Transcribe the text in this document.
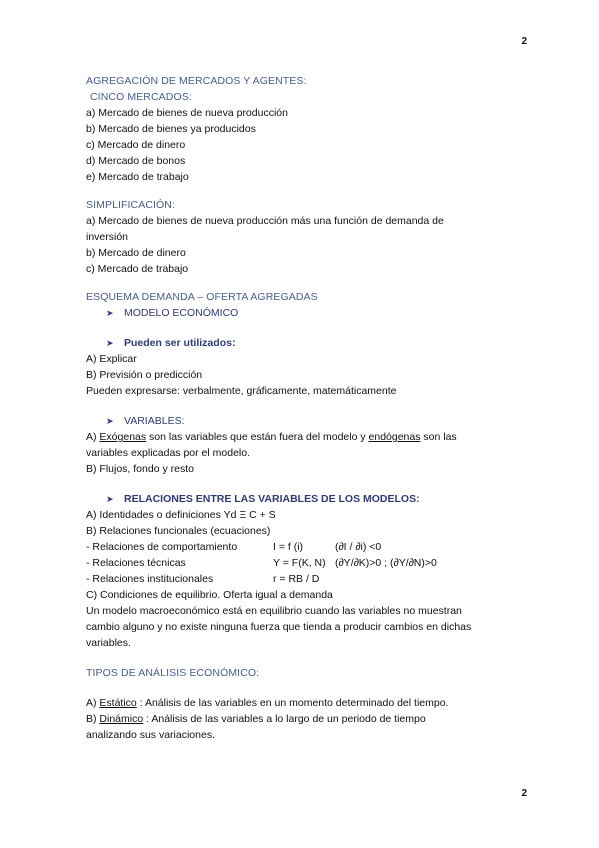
2
AGREGACIÓN DE MERCADOS Y AGENTES:
CINCO MERCADOS:
a) Mercado de bienes de nueva producción
b) Mercado de bienes ya producidos
c) Mercado de dinero
d) Mercado de bonos
e) Mercado de trabajo
SIMPLIFICACIÓN:
a) Mercado de bienes de nueva producción más una función de demanda de
inversión
b) Mercado de dinero
c) Mercado de trabajo
ESQUEMA DEMANDA – OFERTA AGREGADAS
➤ MODELO ECONÓMICO
➤ Pueden ser utilizados:
A) Explicar
B) Previsión o predicción
Pueden expresarse: verbalmente, gráficamente, matemáticamente
➤ VARIABLES:
A) Exógenas son las variables que están fuera del modelo y endógenas son las
variables explicadas por el modelo.
B) Flujos, fondo y resto
➤ RELACIONES ENTRE LAS VARIABLES DE LOS MODELOS:
A) Identidades o definiciones Yd Ξ C + S
B) Relaciones funcionales (ecuaciones)
- Relaciones de comportamiento	I = f (i)	(∂I / ∂i) <0
- Relaciones técnicas	Y = F(K, N) (∂Y/∂K)>0 ; (∂Y/∂N)>0
- Relaciones institucionales	r = RB / D
C) Condiciones de equilibrio. Oferta igual a demanda
Un modelo macroeconómico está en equilibrio cuando las variables no muestran
cambio alguno y no existe ninguna fuerza que tienda a producir cambios en dichas
variables.
TIPOS DE ANÁLISIS ECONÓMICO:
A) Estático : Análisis de las variables en un momento determinado del tiempo.
B) Dinámico : Análisis de las variables a lo largo de un periodo de tiempo
analizando sus variaciones.
2
